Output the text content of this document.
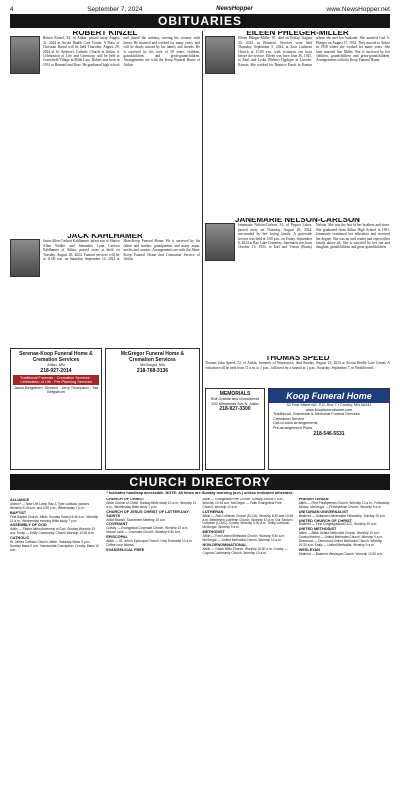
4	September 7, 2024	NewsHopper	www.NewsHopper.net
OBITUARIES
ROBERT KINZEL
Robert Kinzel, 92, of Aitkin, passed away August 31, 2024 at Aicota Health Care Center. A Mass of Christian Burial will be held Thursday, August 29, 2024 at St. Andrew's Catholic Church in Aitkin. A Celebration of Life and Ceremony will be held at Greenfield Village in Mille Lacs. Robert was born in 1931 to Bernard and Rose. He graduated high school and joined the military, serving his country with honor. He married and worked for many years, and will be dearly missed by his family and friends. He is survived by his wife of 58 years, children, grandchildren, and great-grandchildren. Arrangements are with the Koop Funeral Home of Aitkin.
EILEEN PHLEGER-MILLER
Eileen Phleger-Miller, 97, died on Friday, August 30, 2024, in Brainerd. Services were held Thursday, September 5, 2024, at Zion Lutheran Church at 11:00 a.m. with visitation one hour before the service. Eileen was born June 26, 1925, to Emil and Lydia (Weber) Oppliger in Lincoln, Kansas. She worked for Beatrice Foods in Kansas where she met her husband. She married Carl A. Phleger on August 17, 1952. They moved to Aitkin in 1958 where she worked for many years. She later married Jim Miller. She is survived by her children, grandchildren and great-grandchildren. Arrangements with the Koop Funeral Home.
JACK KAHLHAMER
Jason Allen Carlson Kahlhamer, infant son of Shawn Allen Walker and Samantha Lynn Carlson Kahlhamer of Aitkin, passed away at birth on Tuesday, August 20, 2024. Funeral services will be at 11:00 a.m. on Saturday, September 14, 2024 at Shan-Koop Funeral Home. He is survived by his father and mother, grandparents and many aunts, uncles and cousins. Arrangements are with the Shan-Koop Funeral Home and Cremation Service of Aitkin.
JANEMARIE NELSON-CARLSON
Janemarie Nelson-Carlson, 91, of Pequot Lakes, passed away on Thursday, August 29, 2024, surrounded by her loving family. A graveside service was held at 1:00 p.m. on Friday, September 6, 2024 at Bay Lake Cemetery. Janemarie was born October 13, 1933, to Earl and Vivian (Bruns) Nelson. She was the last of her brothers and sister. She graduated from Aitkin High School in 1951. Janemarie continued her education and received her degree. She was an avid reader and enjoyed her family above all. She is survived by her son and daughter, grandchildren and great-grandchildren.
Serenae-Koop Funeral Home & Cremation Services
Aitkin, MN
218-927-2014
Traditional Funerals · Cremation Services · Celebration of Life · Pre-Planning Services
Jason Bergstrom, Director · Jerry Thompson · Tad Bergstrom
McGregor Funeral Home & Cremation Services
McGregor, MN
218-768-3136
THOMAS SPEED
Thomas John Speed, 72, of Aitkin, formerly of Wauwatosa, died Sunday, August 25, 2024 at Aicota Health Care Center. A visitation will be held from 11 a.m. to 1 p.m., followed by a funeral at 1 p.m., Saturday, September 7, in Wealthwood.
MEMORIALS
Rolf Granite and Monuments
220 Minnesota Ave N, Aitkin
218-927-3300
Koop Funeral Home
32 First Street NE, P.O. Box 7 • Crosby, MN 56441
www.koopfuneralhome.com
Traditional, Graveside & Memorial Funeral Services
Cremation Service
Out-of-town Arrangements
Pre-arrangement Plans
218-546-5531
CHURCH DIRECTORY
* Indicates handicap accessible. NOTE: All times are Sunday morning (a.m.) unless indicated otherwise.
ALLIANCE

Aldrich* — New Life Lamp Ray & Tyler Ladislav, pastors. Worship 9:15 a.m. and 6:30 p.m.; Wednesday 7 p.m.

BAPTIST

First Baptist Church, Aitkin. Sunday School 9:45 a.m.; Worship 11 a.m.; Wednesday evening Bible study 7 p.m.

ASSEMBLY OF GOD

Aitkin — Pastor Aitkin Assembly of God. Sunday Worship 10 a.m. Emily — Emily Community Church Worship 10:30 a.m.

CATHOLIC

St. James Catholic Church, Aitkin. Saturday Mass 5 p.m.; Sunday Mass 9 a.m. Immaculate Conception, Crosby. Mass 10 a.m.

CHURCH OF CHRIST

Aitkin Church of Christ. Sunday Bible study 10 a.m.; Worship 11 a.m.; Wednesday Bible study 7 p.m.

CHURCH OF JESUS CHRIST OF LATTER-DAY SAINTS

Aitkin Branch. Sacrament Meeting 10 a.m.

COVENANT

Crosby — Evangelical Covenant Church. Worship 10 a.m. Moose Lake — Covenant Church. Worship 9:30 a.m.

EPISCOPAL

Aitkin — St. John's Episcopal Church. Holy Eucharist 10 a.m. Coffee hour follows.

EVANGELICAL FREE

Aitkin — Evangelical Free Church. Sunday School 9 a.m.; Worship 10:15 a.m. McGregor — Faith Evangelical Free Church. Worship 10 a.m.

LUTHERAN

Aitkin — Zion Lutheran Church (ELCA). Worship 8:30 and 10:45 a.m. Bethlehem Lutheran Church. Worship 10 a.m. Our Savior's Lutheran (LCMC), Crosby. Worship 9:30 a.m. Trinity Lutheran, McGregor. Worship 9 a.m.

METHODIST

Aitkin — First United Methodist Church. Worship 9:30 a.m. McGregor — United Methodist Church. Worship 10 a.m.

NON-DENOMINATIONAL

Aitkin — Grace Bible Church. Worship 10:30 a.m. Crosby — Cuyuna Community Church. Worship 10 a.m.

PRESBYTERIAN

Aitkin — First Presbyterian Church. Worship 10 a.m.; Fellowship follows. McGregor — Presbyterian Church. Worship 9 a.m.

UNITARIAN UNIVERSALIST

Brainerd — Unitarian Universalist Fellowship. Sunday 10 a.m.

UNITED CHURCH OF CHRIST

Brainerd — First Congregational UCC. Worship 10 a.m.

UNITED METHODIST

Aitkin — Aitkin United Methodist Church. Worship 10 a.m. Crosby/Ironton — United Methodist Church. Worship 9 a.m. Deerwood — Deerwood United Methodist Church. Worship 10:30 a.m. Emily — United Methodist. Worship 9 a.m.

WESLEYAN

Brainerd — Brainerd Wesleyan Church. Worship 10:30 a.m.
